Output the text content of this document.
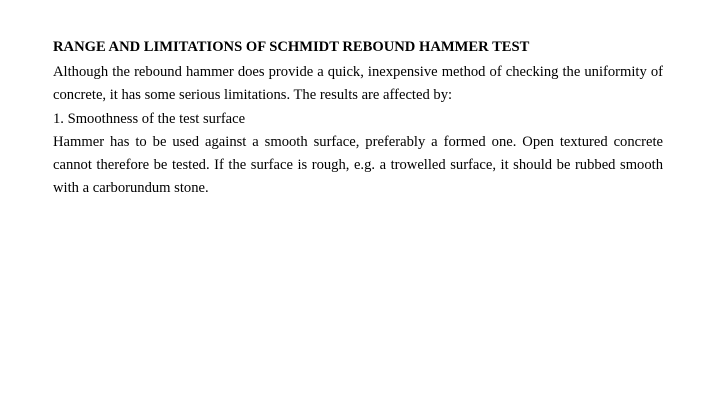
RANGE AND LIMITATIONS OF SCHMIDT REBOUND HAMMER TEST

Although the rebound hammer does provide a quick, inexpensive method of checking the uniformity of concrete, it has some serious limitations. The results are affected by:

1. Smoothness of the test surface

Hammer has to be used against a smooth surface, preferably a formed one. Open textured concrete cannot therefore be tested. If the surface is rough, e.g. a trowelled surface, it should be rubbed smooth with a carborundum stone.
